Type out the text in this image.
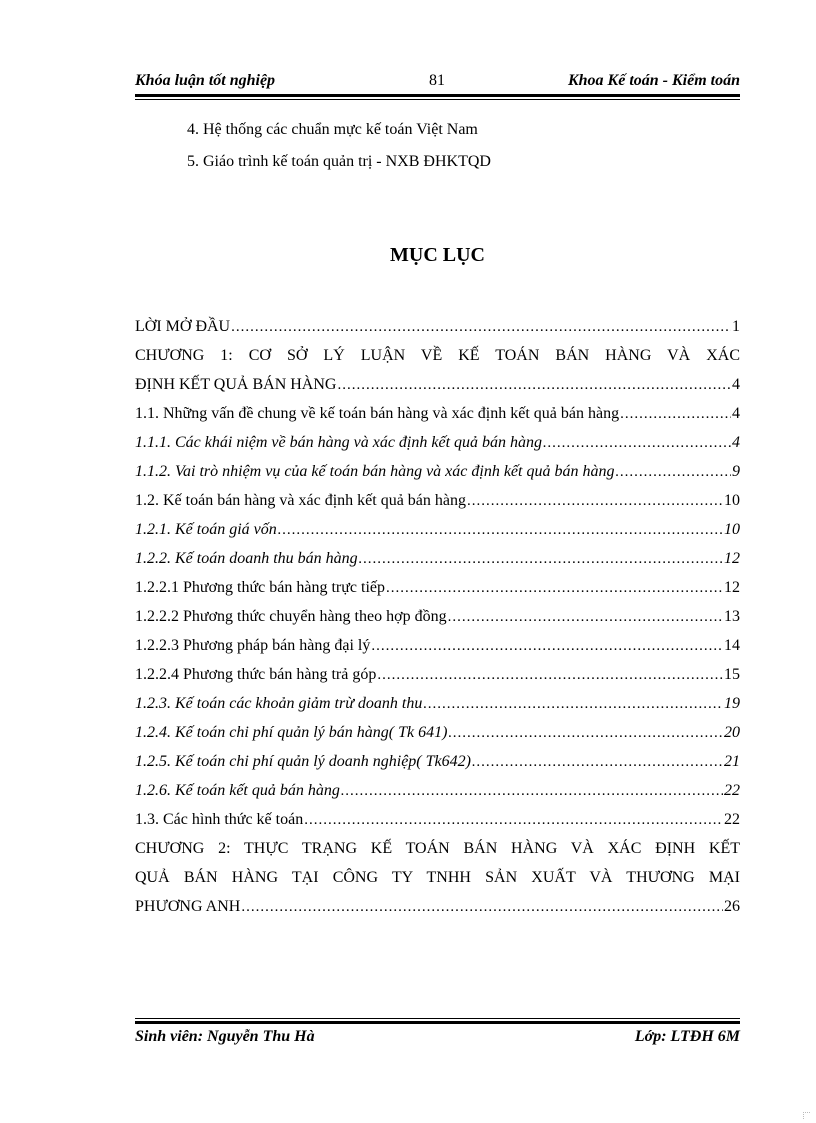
Khóa luận tốt nghiệp	81	Khoa Kế toán - Kiểm toán
4. Hệ thống các chuẩn mực kế toán Việt Nam
5. Giáo trình kế toán quản trị - NXB ĐHKTQD
MỤC LỤC
LỜI MỞ ĐẦU .....	1
CHƯƠNG 1: CƠ SỞ LÝ LUẬN VỀ KẾ TOÁN BÁN HÀNG VÀ XÁC
ĐỊNH KẾT QUẢ BÁN HÀNG .....	4
1.1. Những vấn đề chung về kế toán bán hàng và xác định kết quả bán hàng .....	4
1.1.1. Các khái niệm về bán hàng và xác định kết quả bán hàng .....	4
1.1.2. Vai trò nhiệm vụ của kế toán bán hàng và xác định kết quả bán hàng .....	9
1.2. Kế toán bán hàng và xác định kết quả bán hàng .....	10
1.2.1. Kế toán giá vốn .....	10
1.2.2. Kế toán doanh thu bán hàng .....	12
1.2.2.1 Phương thức bán hàng trực tiếp .....	12
1.2.2.2 Phương thức chuyển hàng theo hợp đồng .....	13
1.2.2.3 Phương pháp bán hàng đại lý .....	14
1.2.2.4 Phương thức bán hàng trả góp .....	15
1.2.3. Kế toán các khoản giảm trừ doanh thu .....	19
1.2.4. Kế toán chi phí quản lý bán hàng( Tk 641) .....	20
1.2.5. Kế toán chi phí quản lý doanh nghiệp( Tk642) .....	21
1.2.6. Kế toán kết quả bán hàng .....	22
1.3. Các hình thức kế toán .....	22
CHƯƠNG 2: THỰC TRẠNG KẾ TOÁN BÁN HÀNG VÀ XÁC ĐỊNH KẾT
QUẢ BÁN HÀNG TẠI CÔNG TY TNHH SẢN XUẤT VÀ THƯƠNG MẠI
PHƯƠNG ANH .....	26
Sinh viên: Nguyễn Thu Hà	Lớp: LTĐH 6M
